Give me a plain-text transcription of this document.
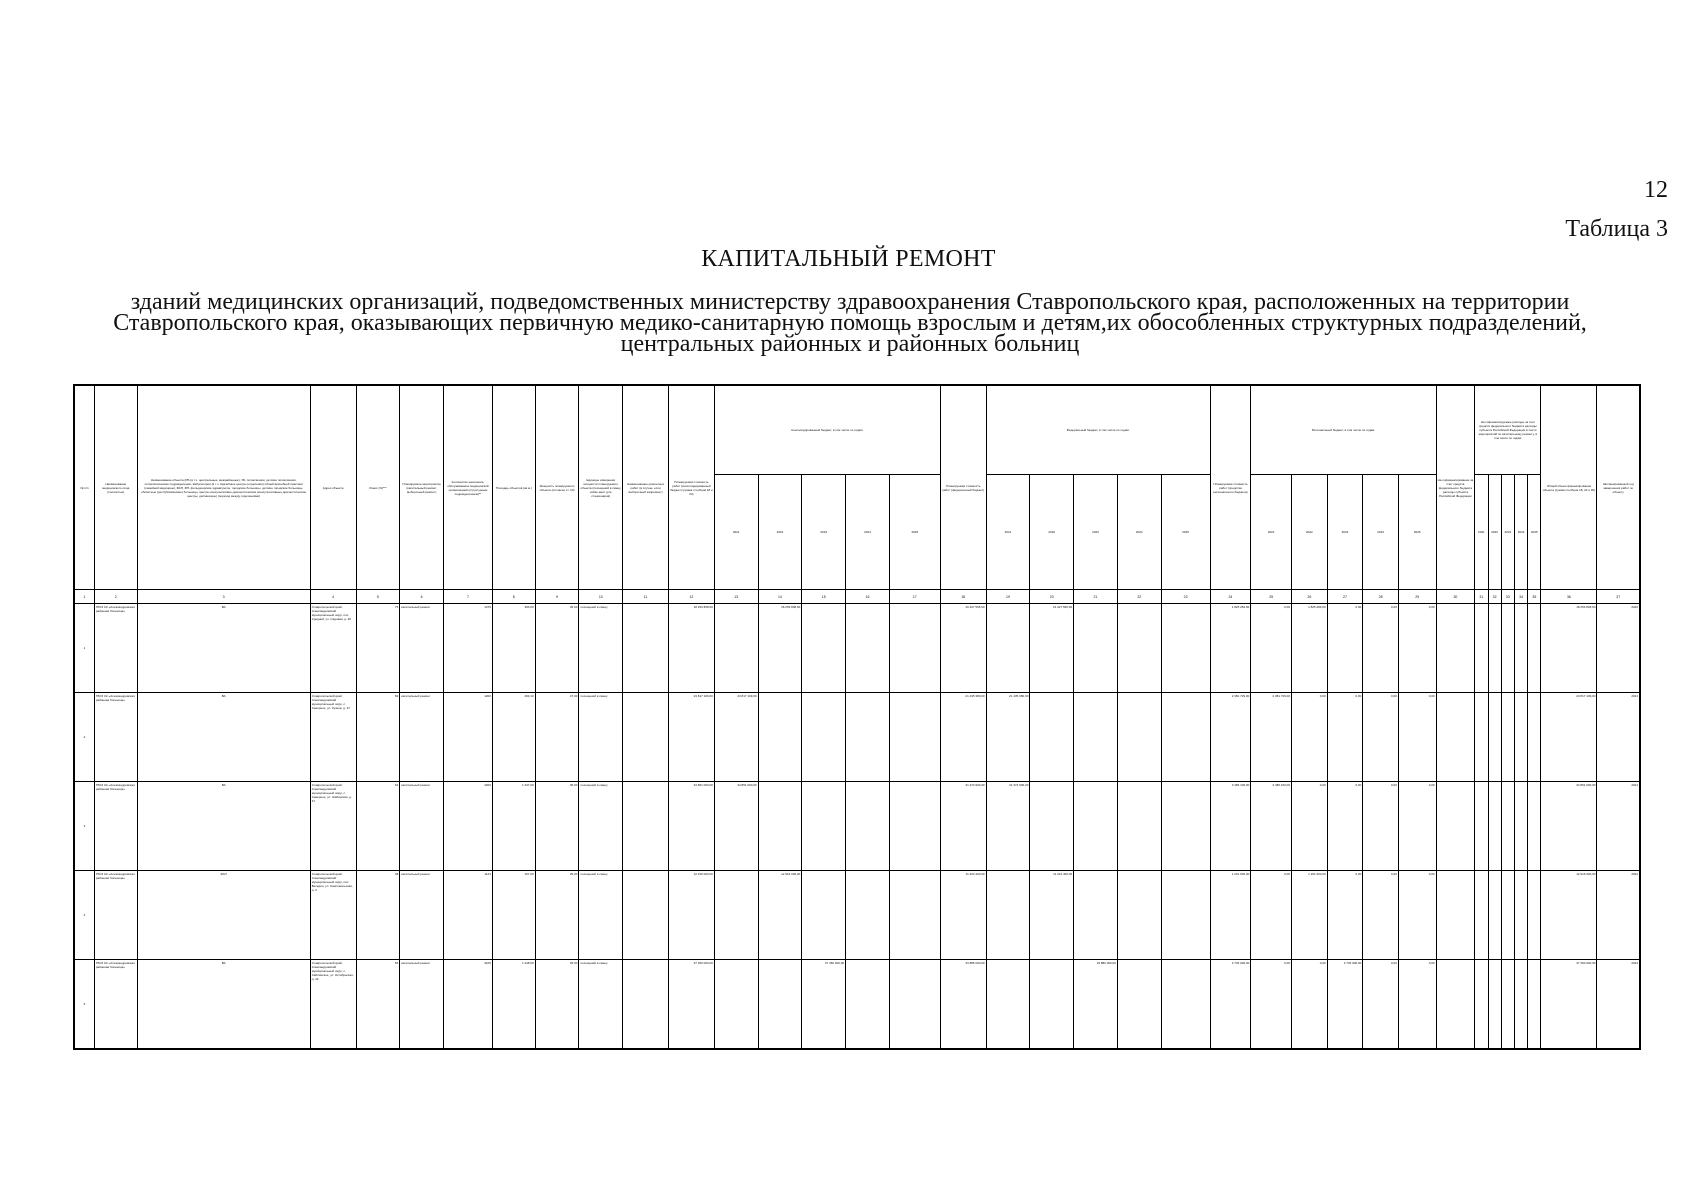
12
Таблица 3
КАПИТАЛЬНЫЙ РЕМОНТ
зданий медицинских организаций, подведомственных министерству здравоохранения Ставропольского края, расположенных на территории Ставропольского края, оказывающих первичную медико-санитарную помощь взрослым и детям,их обособленных структурных подразделений, центральных районных и районных больниц
№ п/п	Наименование медицинского лица (полностью)	Наименование объекта (РБ (в т.ч. центральные, межрайонные), УБ, поликлиники, детские поликлиники, поликлинические подразделения, амбулатории (в т.ч. врачебные центры (отделения) общей врачебной практики (семейной медицины), ФАП, ФП, фельдшерские здравпункты, городские больницы, детские городские больницы, областные (республиканские) больницы, центры консультативно-диагностические (консультативные диагностические центры, диспансеры) (переход между отделениями)	Адрес объекта	Износ (%)***	Планируемое мероприятие (капитальный ремонт, выборочный ремонт)	Количество населения, обслуживаемое медицинской организацией (структурным подразделением)**	Площадь объектов (кв.м.)	Мощность планируемого объекта (согласно ст. 10)	Единицы измерения мощности планируемого объекта (посещений в смену, койко-мест для стационаров)	Наименование ремонтных работ (в случае, если выборочный капремонт)	Планируемая стоимость работ (консолидированный бюджет) (сумма столбцов 18 и 24)	Консолидированный бюджет, в том числе по годам:					Планируемая стоимость работ (федеральный бюджет)	Федеральный бюджет, в том числе по годам:					Планируемая стоимость работ (средства регионального бюджета)	Региональный бюджет, в том числе по годам:					На софинансирование за счет средств федерального бюджета расходы субъекта Российской Федерации	На софинансируемые расходы за счет средств федерального бюджета расходы субъекта Российской Федерации в части мероприятий по капитальному ремонту, в том числе по годам:					Общий объем финансирования объекта (сумма столбцов 18, 24 и 30)	Запланированный год завершения работ по объекту
												2021	2022	2023	2024	2025		2021	2022	2023	2024	2025		2021	2022	2023	2024	2025		2021	2022	2023	2024	2025		
1	2	3	4	5	6	7	8	9	10	11	12	13	14	15	16	17	18	19	20	21	22	23	24	25	26	27	28	29	30	31	32	33	34	35	36	37
1	ГБУЗ СК «Александровская районная больница»	ВА	Ставропольский край, Александровский муниципальный округ, пос. Средний, ул. Садовая, д. 36	75	капитальный ремонт	1379	390,00	45,00	посещений в смену		18 253 838,60		18 253 838,60				16 427 565,00		16 427 565,00				1 825 283,60	0,00	1 825 283,60	0,00	0,00	0,00							18 253 838,60	2022
2	ГБУЗ СК «Александровская районная больница»	ВА	Ставропольский край, Александровский муниципальный округ, с. Северное, ул. Кузина, д. 37	82	капитальный ремонт	1200	493,10	47,00	посещений в смену		23 817 109,00	23 817 109,00					21 435 380,00	21 435 380,00					2 381 729,00	2 381 729,00	0,00	0,00	0,00	0,00							23 817 109,00	2021
3	ГБУЗ СК «Александровская районная больница»	ВА	Ставропольский край, Александровский муниципальный округ, с. Северное, ул. Жабинская, д. 47	64	капитальный ремонт	3200	1 237,00	45,00	посещений в смену		34 861 000,00	34 861 000,00					31 374 900,00	31 374 900,00					3 486 100,00	3 486 100,00	0,00	0,00	0,00	0,00							34 861 000,00	2021
4	ГБУЗ СК «Александровская районная больница»	ФАП	Ставропольский край, Александровский муниципальный округ, пос. Беседин, ул. Комсомольская, д. 3	48	капитальный ремонт	1123	157,00	25,00	посещений в смену		12 916 000,00		12 916 000,00				11 624 400,00		11 624 400,00				1 291 600,00	0,00	1 291 600,00	0,00	0,00	0,00							12 916 000,00	2022
5	ГБУЗ СК «Александровская районная больница»	ВА	Ставропольский край, Александровский муниципальный округ, с. Саблинское, ул. Октябрьская, д. 43	65	капитальный ремонт	3105	1 348,00	45,00	посещений в смену		37 360 000,00			37 360 000,00			33 886 000,00			33 886 000,00			3 736 000,00	0,00	0,00	3 736 000,00	0,00	0,00							37 360 000,00	2023
